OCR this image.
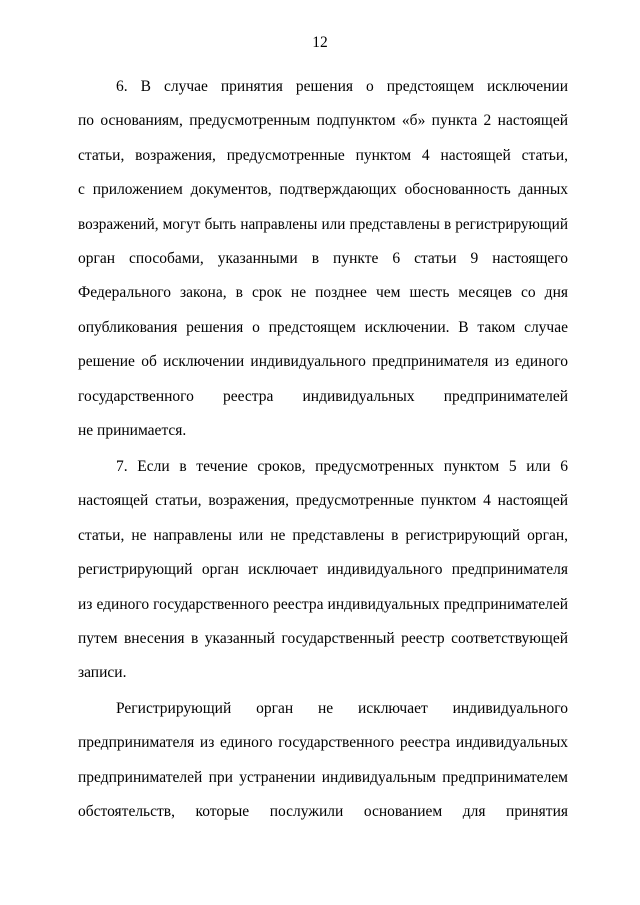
12
6. В случае принятия решения о предстоящем исключении
по основаниям, предусмотренным подпунктом «б» пункта 2 настоящей
статьи, возражения, предусмотренные пунктом 4 настоящей статьи,
с приложением документов, подтверждающих обоснованность данных
возражений, могут быть направлены или представлены в регистрирующий
орган способами, указанными в пункте 6 статьи 9 настоящего
Федерального закона, в срок не позднее чем шесть месяцев со дня
опубликования решения о предстоящем исключении. В таком случае
решение об исключении индивидуального предпринимателя из единого
государственного реестра индивидуальных предпринимателей
не принимается.
7. Если в течение сроков, предусмотренных пунктом 5 или 6
настоящей статьи, возражения, предусмотренные пунктом 4 настоящей
статьи, не направлены или не представлены в регистрирующий орган,
регистрирующий орган исключает индивидуального предпринимателя
из единого государственного реестра индивидуальных предпринимателей
путем внесения в указанный государственный реестр соответствующей
записи.
Регистрирующий орган не исключает индивидуального
предпринимателя из единого государственного реестра индивидуальных
предпринимателей при устранении индивидуальным предпринимателем
обстоятельств, которые послужили основанием для принятия
